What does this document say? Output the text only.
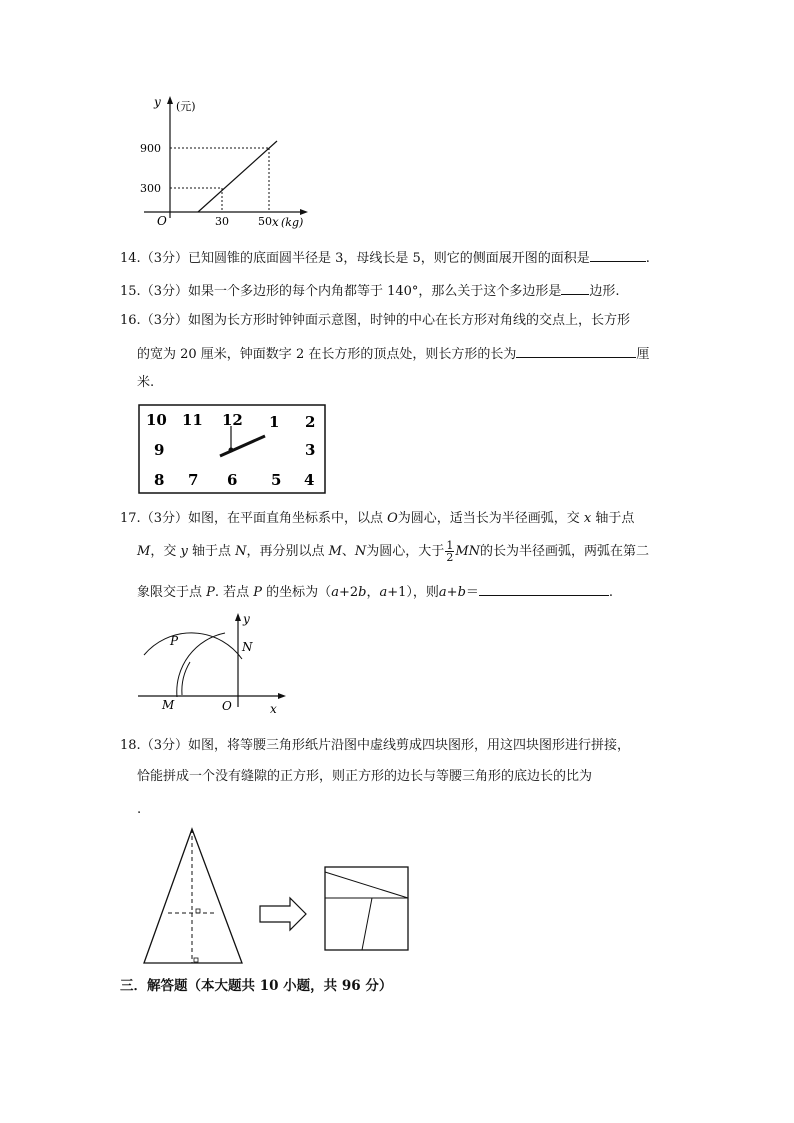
y (元)
900
300
O	30	50 x (kg)
14.（3分）已知圆锥的底面圆半径是 3，母线长是 5，则它的侧面展开图的面积是	.
15.（3分）如果一个多边形的每个内角都等于 140°，那么关于这个多边形是 边形.
16.（3分）如图为长方形时钟钟面示意图，时钟的中心在长方形对角线的交点上，长方形
的宽为 20 厘米，钟面数字 2 在长方形的顶点处，则长方形的长为	厘
米.
10 11 12 1 2
9	3
8 7 6 5 4
17.（3分）如图，在平面直角坐标系中，以点 O为圆心，适当长为半径画弧，交 x 轴于点
M，交 y 轴于点 N，再分别以点 M、N为圆心，大于 $\frac{1}{2}$ MN的长为半径画弧，两弧在第二
象限交于点 P. 若点 P 的坐标为（a+2b，a+1），则a+b＝	.
y
x
O
P	N
M
18.（3分）如图，将等腰三角形纸片沿图中虚线剪成四块图形，用这四块图形进行拼接，
恰能拼成一个没有缝隙的正方形，则正方形的边长与等腰三角形的底边长的比为
.
三．解答题（本大题共 10 小题，共 96 分）
